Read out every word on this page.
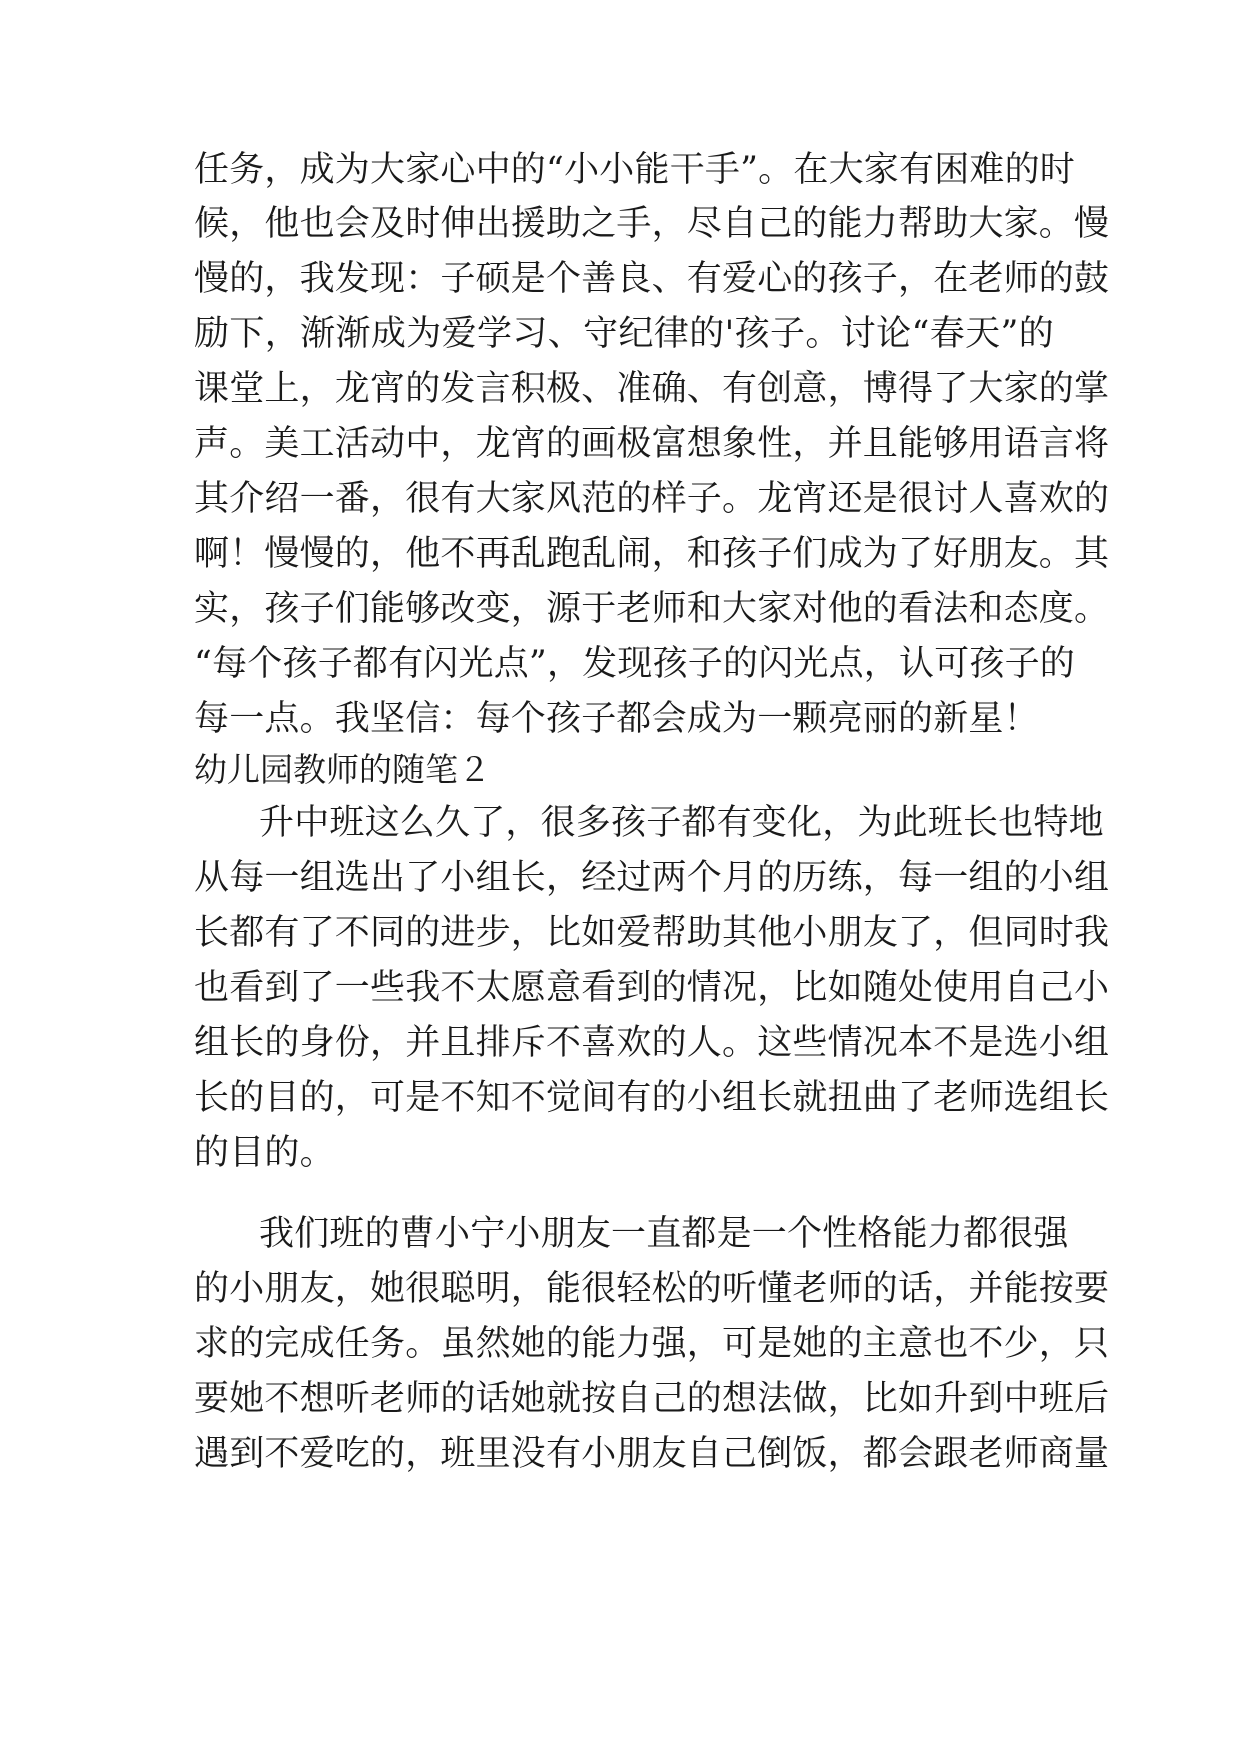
任务，成为大家心中的“小小能干手”。在大家有困难的时
候，他也会及时伸出援助之手，尽自己的能力帮助大家。慢
慢的，我发现：子硕是个善良、有爱心的孩子，在老师的鼓
励下，渐渐成为爱学习、守纪律的'孩子。讨论“春天”的
课堂上，龙宵的发言积极、准确、有创意，博得了大家的掌
声。美工活动中，龙宵的画极富想象性，并且能够用语言将
其介绍一番，很有大家风范的样子。龙宵还是很讨人喜欢的
啊！慢慢的，他不再乱跑乱闹，和孩子们成为了好朋友。其
实，孩子们能够改变，源于老师和大家对他的看法和态度。
“每个孩子都有闪光点”，发现孩子的闪光点，认可孩子的
每一点。我坚信：每个孩子都会成为一颗亮丽的新星！
幼儿园教师的随笔２
升中班这么久了，很多孩子都有变化，为此班长也特地
从每一组选出了小组长，经过两个月的历练，每一组的小组
长都有了不同的进步，比如爱帮助其他小朋友了，但同时我
也看到了一些我不太愿意看到的情况，比如随处使用自己小
组长的身份，并且排斥不喜欢的人。这些情况本不是选小组
长的目的，可是不知不觉间有的小组长就扭曲了老师选组长
的目的。
我们班的曹小宁小朋友一直都是一个性格能力都很强
的小朋友，她很聪明，能很轻松的听懂老师的话，并能按要
求的完成任务。虽然她的能力强，可是她的主意也不少，只
要她不想听老师的话她就按自己的想法做，比如升到中班后
遇到不爱吃的，班里没有小朋友自己倒饭，都会跟老师商量
